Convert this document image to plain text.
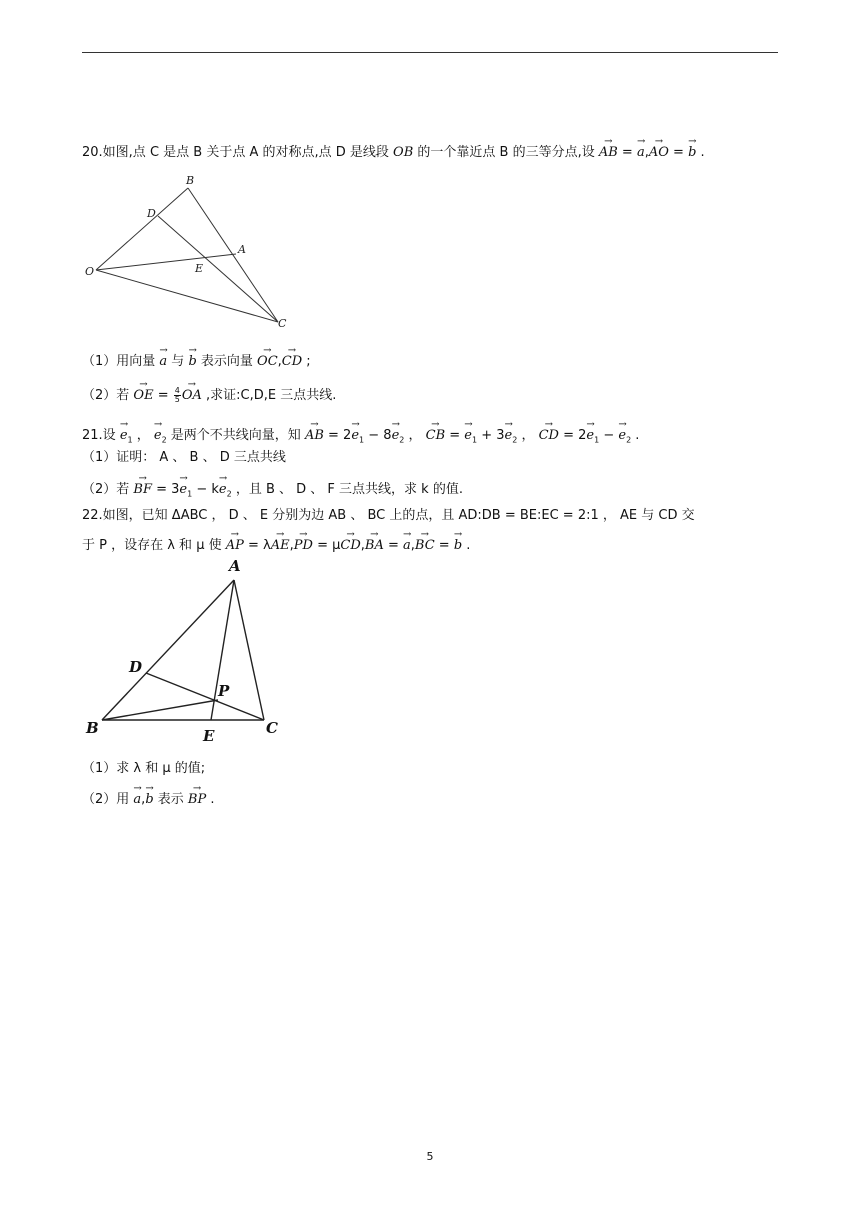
20.如图,点 C 是点 B 关于点 A 的对称点,点 D 是线段 OB 的一个靠近点 B 的三等分点,设 → AB = → a,→ AO = → b .
B
D
A
O	E
C
（1）用向量 → a 与 → b 表示向量 → OC,→ CD ;
（2）若 → OE = $\frac{4}{5}$
→ OA ,求证:C,D,E 三点共线.
21.设 → $e_1$ ， → $e_2$ 是两个不共线向量，知 → AB = $2\to e_1 - 8\to e_2$ ， → CB = → $e_1 + 3\to e_2$ ， → CD = $2\to e_1$ − → $e_2$ .
（1）证明： A 、 B 、 D 三点共线
（2）若 → BF = $3\to e_1 - k\to e_2$ ，且 B 、 D 、 F 三点共线，求 k 的值.
22.如图，已知 ΔABC ， D 、 E 分别为边 AB 、 BC 上的点，且 AD:DB = BE:EC = 2:1 ， AE 与 CD 交
于 P ，设存在 λ 和 μ 使 → AP = λ→ AE,→ PD = μ→ CD,→ BA = → a,→ BC = → b .
A
D
P
B	E	C
（1）求 λ 和 μ 的值;
（2）用 → a,→ b 表示 → BP .
5
